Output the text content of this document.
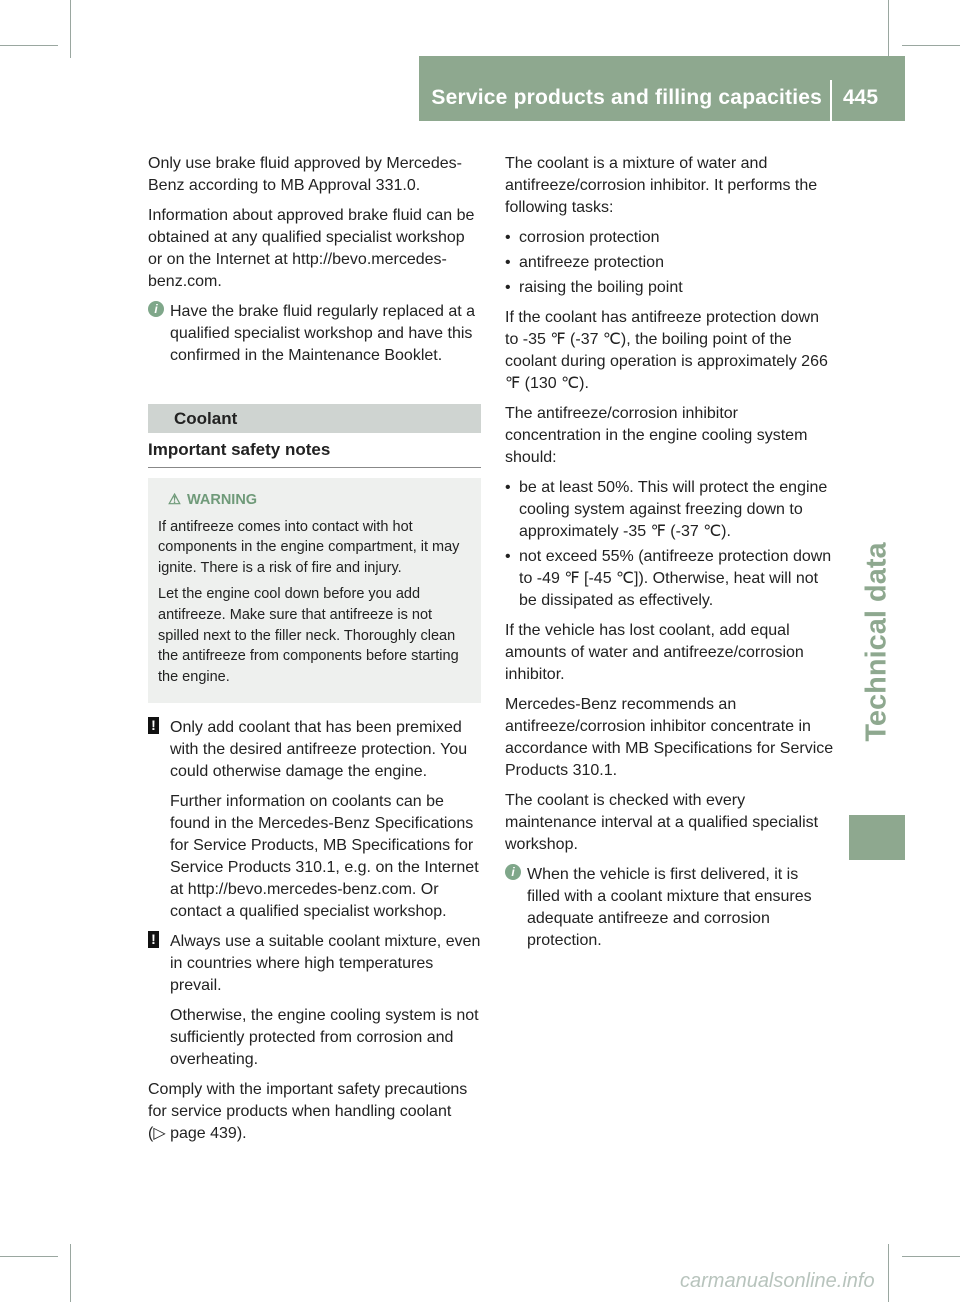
Service products and filling capacities 445
Technical data

Only use brake fluid approved by Mercedes-Benz according to MB Approval 331.0.

Information about approved brake fluid can be obtained at any qualified specialist workshop or on the Internet at http://bevo.mercedes-benz.com.

i Have the brake fluid regularly replaced at a qualified specialist workshop and have this confirmed in the Maintenance Booklet.

Coolant
Important safety notes
⚠ WARNING

If antifreeze comes into contact with hot components in the engine compartment, it may ignite. There is a risk of fire and injury.

Let the engine cool down before you add antifreeze. Make sure that antifreeze is not spilled next to the filler neck. Thoroughly clean the antifreeze from components before starting the engine.

! Only add coolant that has been premixed with the desired antifreeze protection. You could otherwise damage the engine.

Further information on coolants can be found in the Mercedes-Benz Specifications for Service Products, MB Specifications for Service Products 310.1, e.g. on the Internet at http://bevo.mercedes-benz.com. Or contact a qualified specialist workshop.

! Always use a suitable coolant mixture, even in countries where high temperatures prevail.

Otherwise, the engine cooling system is not sufficiently protected from corrosion and overheating.

Comply with the important safety precautions for service products when handling coolant
(▷ page 439).

The coolant is a mixture of water and antifreeze/corrosion inhibitor. It performs the following tasks:

• corrosion protection

• antifreeze protection

• raising the boiling point

If the coolant has antifreeze protection down to -35 ℉ (-37 ℃), the boiling point of the coolant during operation is approximately 266 ℉ (130 ℃).

The antifreeze/corrosion inhibitor concentration in the engine cooling system should:

• be at least 50%. This will protect the engine cooling system against freezing down to approximately -35 ℉ (-37 ℃).

• not exceed 55% (antifreeze protection down to -49 ℉ [-45 ℃]). Otherwise, heat will not be dissipated as effectively.

If the vehicle has lost coolant, add equal amounts of water and antifreeze/corrosion inhibitor.

Mercedes-Benz recommends an antifreeze/corrosion inhibitor concentrate in accordance with MB Specifications for Service Products 310.1.

The coolant is checked with every maintenance interval at a qualified specialist workshop.

i When the vehicle is first delivered, it is filled with a coolant mixture that ensures adequate antifreeze and corrosion protection.

carmanualsonline.info
